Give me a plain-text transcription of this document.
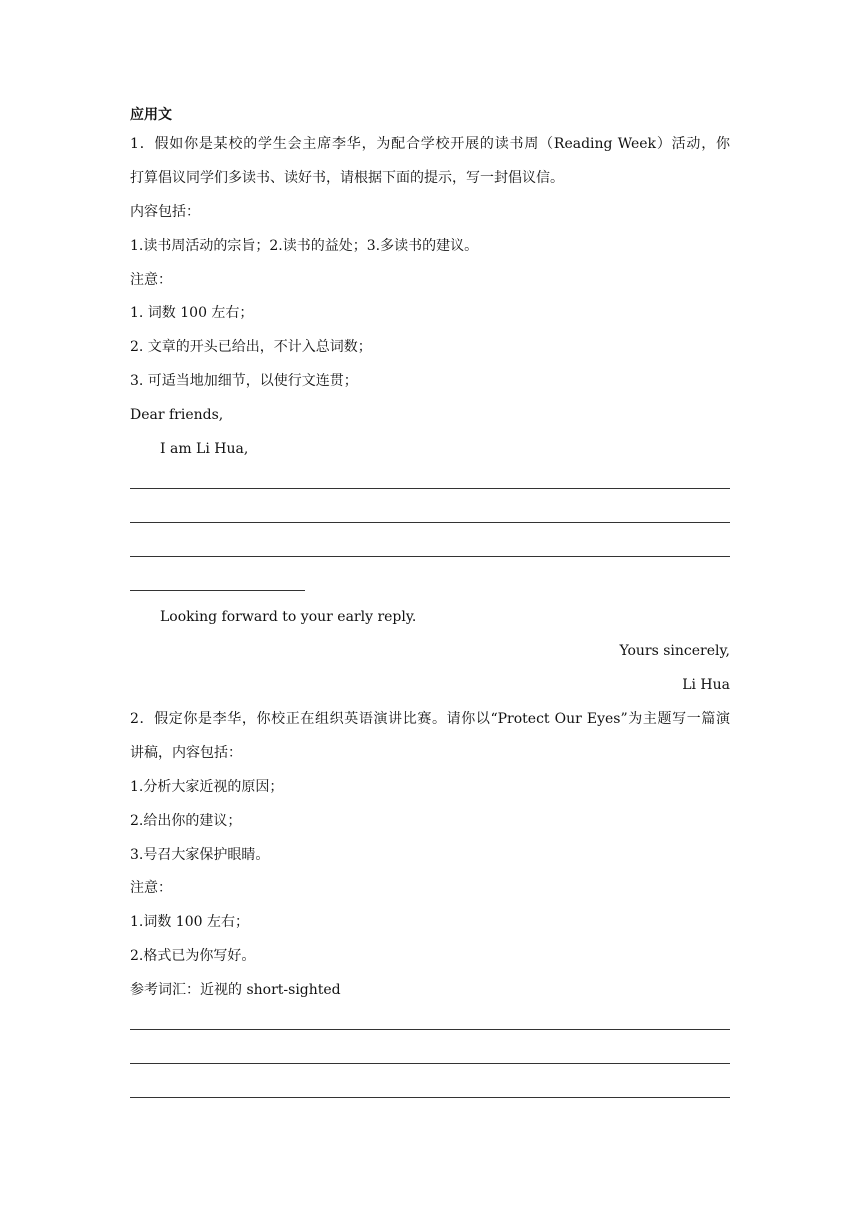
应用文
1．假如你是某校的学生会主席李华，为配合学校开展的读书周（Reading Week）活动，你
打算倡议同学们多读书、读好书，请根据下面的提示，写一封倡议信。
内容包括：
1.读书周活动的宗旨；2.读书的益处；3.多读书的建议。
注意：
1. 词数 100 左右；
2. 文章的开头已给出，不计入总词数；
3. 可适当地加细节，以使行文连贯；
Dear friends,
I am Li Hua,
Looking forward to your early reply.
Yours sincerely,
Li Hua
2．假定你是李华，你校正在组织英语演讲比赛。请你以“Protect Our Eyes”为主题写一篇演
讲稿，内容包括：
1.分析大家近视的原因；
2.给出你的建议；
3.号召大家保护眼睛。
注意：
1.词数 100 左右；
2.格式已为你写好。
参考词汇：近视的 short-sighted
